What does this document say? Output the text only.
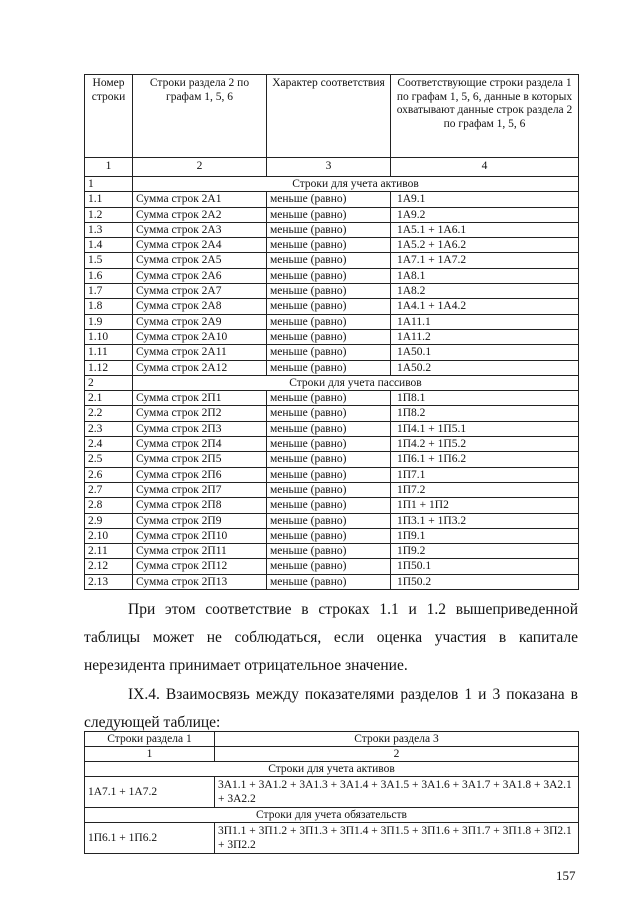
Номер строки	Строки раздела 2 по графам 1, 5, 6	Характер соответствия	Соответствующие строки раздела 1 по графам 1, 5, 6, данные в которых охватывают данные строк раздела 2 по графам 1, 5, 6
1	2	3	4
1	Строки для учета активов		
1.1	Сумма строк 2А1	меньше (равно)	1А9.1
1.2	Сумма строк 2А2	меньше (равно)	1А9.2
1.3	Сумма строк 2А3	меньше (равно)	1А5.1 + 1А6.1
1.4	Сумма строк 2А4	меньше (равно)	1А5.2 + 1А6.2
1.5	Сумма строк 2А5	меньше (равно)	1А7.1 + 1А7.2
1.6	Сумма строк 2А6	меньше (равно)	1А8.1
1.7	Сумма строк 2А7	меньше (равно)	1А8.2
1.8	Сумма строк 2А8	меньше (равно)	1А4.1 + 1А4.2
1.9	Сумма строк 2А9	меньше (равно)	1А11.1
1.10	Сумма строк 2А10	меньше (равно)	1А11.2
1.11	Сумма строк 2А11	меньше (равно)	1А50.1
1.12	Сумма строк 2А12	меньше (равно)	1А50.2
2	Строки для учета пассивов		
2.1	Сумма строк 2П1	меньше (равно)	1П8.1
2.2	Сумма строк 2П2	меньше (равно)	1П8.2
2.3	Сумма строк 2П3	меньше (равно)	1П4.1 + 1П5.1
2.4	Сумма строк 2П4	меньше (равно)	1П4.2 + 1П5.2
2.5	Сумма строк 2П5	меньше (равно)	1П6.1 + 1П6.2
2.6	Сумма строк 2П6	меньше (равно)	1П7.1
2.7	Сумма строк 2П7	меньше (равно)	1П7.2
2.8	Сумма строк 2П8	меньше (равно)	1П1 + 1П2
2.9	Сумма строк 2П9	меньше (равно)	1П3.1 + 1П3.2
2.10	Сумма строк 2П10	меньше (равно)	1П9.1
2.11	Сумма строк 2П11	меньше (равно)	1П9.2
2.12	Сумма строк 2П12	меньше (равно)	1П50.1
2.13	Сумма строк 2П13	меньше (равно)	1П50.2

При этом соответствие в строках 1.1 и 1.2 вышеприведенной таблицы может не соблюдаться, если оценка участия в капитале нерезидента принимает отрицательное значение.

IX.4. Взаимосвязь между показателями разделов 1 и 3 показана в следующей таблице:

Строки раздела 1	Строки раздела 3
1	2
Строки для учета активов	
1А7.1 + 1А7.2	3А1.1 + 3А1.2 + 3А1.3 + 3А1.4 + 3А1.5 + 3А1.6 + 3А1.7 + 3А1.8 + 3А2.1 + 3А2.2
Строки для учета обязательств	
1П6.1 + 1П6.2	3П1.1 + 3П1.2 + 3П1.3 + 3П1.4 + 3П1.5 + 3П1.6 + 3П1.7 + 3П1.8 + 3П2.1 + 3П2.2
157
